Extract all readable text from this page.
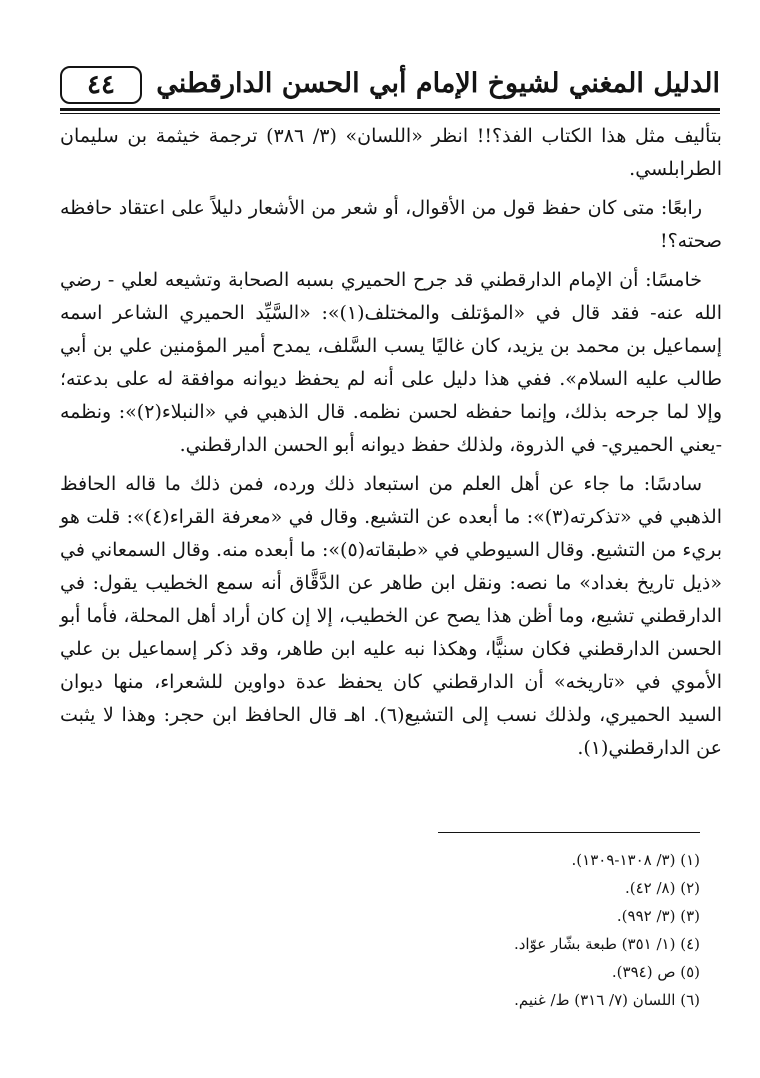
الدليل المغني لشيوخ الإمام أبي الحسن الدارقطني
٤٤

بتأليف مثل هذا الكتاب الفذ؟!! انظر «اللسان» (٣/ ٣٨٦) ترجمة خيثمة بن سليمان الطرابلسي.

رابعًا: متى كان حفظ قول من الأقوال، أو شعر من الأشعار دليلاً على اعتقاد حافظه صحته؟!

خامسًا: أن الإمام الدارقطني قد جرح الحميري بسبه الصحابة وتشيعه لعلي - رضي الله عنه- فقد قال في «المؤتلف والمختلف(١)»: «السَّيِّد الحميري الشاعر اسمه إسماعيل بن محمد بن يزيد، كان غاليًا يسب السَّلف، يمدح أمير المؤمنين علي بن أبي طالب عليه السلام». ففي هذا دليل على أنه لم يحفظ ديوانه موافقة له على بدعته؛ وإلا لما جرحه بذلك، وإنما حفظه لحسن نظمه. قال الذهبي في «النبلاء(٢)»: ونظمه -يعني الحميري- في الذروة، ولذلك حفظ ديوانه أبو الحسن الدارقطني.

سادسًا: ما جاء عن أهل العلم من استبعاد ذلك ورده، فمن ذلك ما قاله الحافظ الذهبي في «تذكرته(٣)»: ما أبعده عن التشيع. وقال في «معرفة القراء(٤)»: قلت هو بريء من التشيع. وقال السيوطي في «طبقاته(٥)»: ما أبعده منه. وقال السمعاني في «ذيل تاريخ بغداد» ما نصه: ونقل ابن طاهر عن الدَّقَّاق أنه سمع الخطيب يقول: في الدارقطني تشيع، وما أظن هذا يصح عن الخطيب، إلا إن كان أراد أهل المحلة، فأما أبو الحسن الدارقطني فكان سنيًّا، وهكذا نبه عليه ابن طاهر، وقد ذكر إسماعيل بن علي الأموي في «تاريخه» أن الدارقطني كان يحفظ عدة دواوين للشعراء، منها ديوان السيد الحميري، ولذلك نسب إلى التشيع(٦). اهـ قال الحافظ ابن حجر: وهذا لا يثبت عن الدارقطني(١).

(١) (٣/ ١٣٠٨-١٣٠٩).
(٢) (٨/ ٤٢).
(٣) (٣/ ٩٩٢).
(٤) (١/ ٣٥١) طبعة بشّار عوّاد.
(٥) ص (٣٩٤).
(٦) اللسان (٧/ ٣١٦) ط/ غنيم.
